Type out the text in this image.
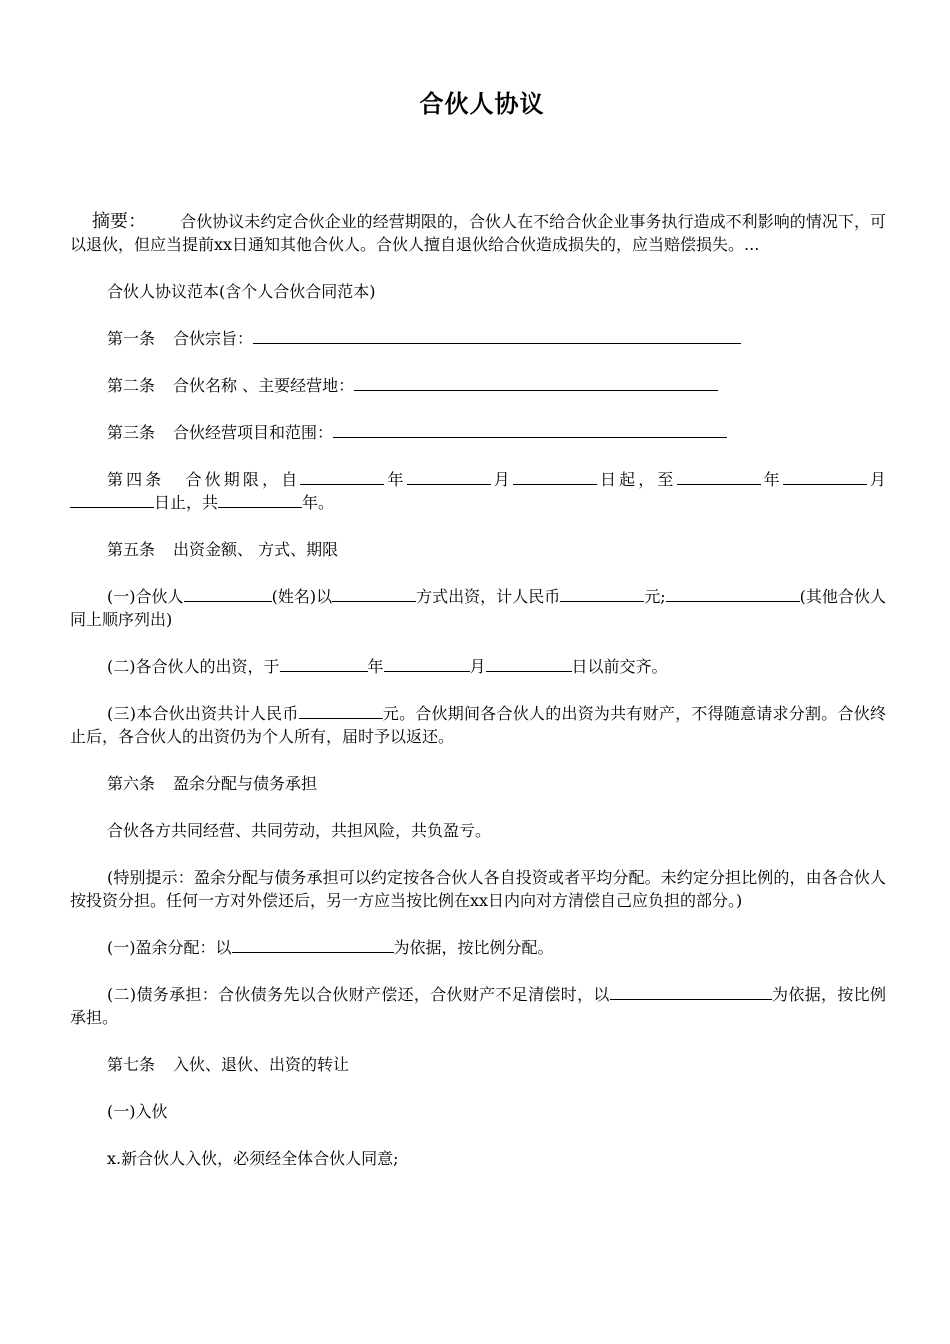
合伙人协议

摘要： 合伙协议未约定合伙企业的经营期限的，合伙人在不给合伙企业事务执行造成不利影响的情况下，可以退伙，但应当提前xx日通知其他合伙人。合伙人擅自退伙给合伙造成损失的，应当赔偿损失。...

合伙人协议范本(含个人合伙合同范本)

第一条 合伙宗旨：

第二条 合伙名称 、主要经营地：

第三条 合伙经营项目和范围：

第四条 合伙期限，自	年	月	日起，至	年	月日止，共	年。

第五条 出资金额、 方式、期限

(一)合伙人	(姓名)以	方式出资，计人民币	元;	(其他合伙人同上顺序列出)

(二)各合伙人的出资，于	年	月	日以前交齐。

(三)本合伙出资共计人民币	元。合伙期间各合伙人的出资为共有财产，不得随意请求分割。合伙终止后，各合伙人的出资仍为个人所有，届时予以返还。

第六条 盈余分配与债务承担

合伙各方共同经营、共同劳动，共担风险，共负盈亏。

(特别提示：盈余分配与债务承担可以约定按各合伙人各自投资或者平均分配。未约定分担比例的，由各合伙人按投资分担。任何一方对外偿还后，另一方应当按比例在xx日内向对方清偿自己应负担的部分。)

(一)盈余分配：以	为依据，按比例分配。

(二)债务承担：合伙债务先以合伙财产偿还，合伙财产不足清偿时，以	为依据，按比例承担。

第七条 入伙、退伙、出资的转让

(一)入伙

x.新合伙人入伙，必须经全体合伙人同意;
